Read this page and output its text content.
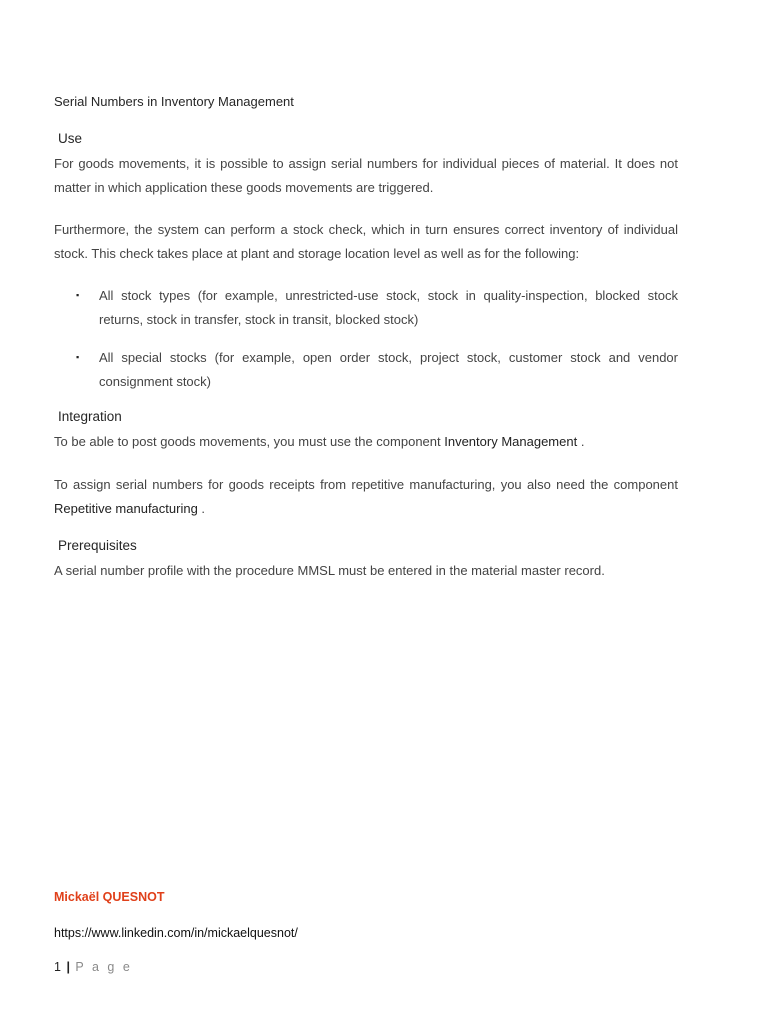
Serial Numbers in Inventory Management
Use

For goods movements, it is possible to assign serial numbers for individual pieces of material. It does not matter in which application these goods movements are triggered.

Furthermore, the system can perform a stock check, which in turn ensures correct inventory of individual stock. This check takes place at plant and storage location level as well as for the following:

▪ All stock types (for example, unrestricted-use stock, stock in quality-inspection, blocked stock returns, stock in transfer, stock in transit, blocked stock)
▪ All special stocks (for example, open order stock, project stock, customer stock and vendor consignment stock)
Integration

To be able to post goods movements, you must use the component Inventory Management .

To assign serial numbers for goods receipts from repetitive manufacturing, you also need the component Repetitive manufacturing .

Prerequisites

A serial number profile with the procedure MMSL must be entered in the material master record.

Mickaël QUESNOT
https://www.linkedin.com/in/mickaelquesnot/
1 | P a g e
